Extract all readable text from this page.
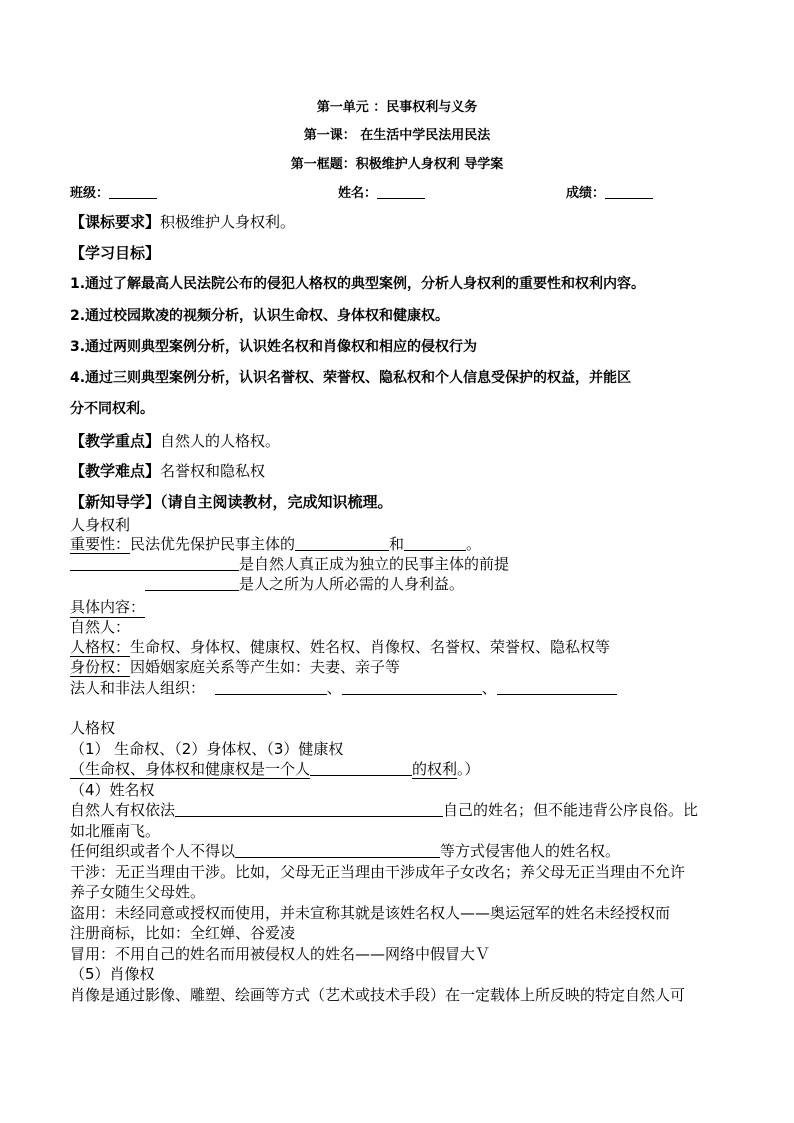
第一单元 ：民事权利与义务
第一课： 在生活中学民法用民法
第一框题：积极维护人身权利 导学案
班级：	姓名：	成绩：
【课标要求】积极维护人身权利。
【学习目标】
1.通过了解最高人民法院公布的侵犯人格权的典型案例，分析人身权利的重要性和权利内容。
2.通过校园欺凌的视频分析，认识生命权、身体权和健康权。
3.通过两则典型案例分析，认识姓名权和肖像权和相应的侵权行为
4.通过三则典型案例分析，认识名誉权、荣誉权、隐私权和个人信息受保护的权益，并能区
分不同权利。
【教学重点】自然人的人格权。
【教学难点】名誉权和隐私权
【新知导学】（请自主阅读教材，完成知识梳理。
人身权利
重要性：民法优先保护民事主体的	和	。
是自然人真正成为独立的民事主体的前提
是人之所为人所必需的人身利益。
具体内容：
自然人：
人格权：生命权、身体权、健康权、姓名权、肖像权、名誉权、荣誉权、隐私权等
身份权：因婚姻家庭关系等产生如：夫妻、亲子等
法人和非法人组织：	、	、
人格权
（1） 生命权、（2）身体权、（3）健康权
（生命权、身体权和健康权是一个人	的权利。）
（4）姓名权
自然人有权依法	自己的姓名；但不能违背公序良俗。比
如北雁南飞。
任何组织或者个人不得以	等方式侵害他人的姓名权。
干涉：无正当理由干涉。比如，父母无正当理由干涉成年子女改名；养父母无正当理由不允许
养子女随生父母姓。
盗用：未经同意或授权而使用，并未宣称其就是该姓名权人——奥运冠军的姓名未经授权而
注册商标，比如：全红婵、谷爱凌
冒用：不用自己的姓名而用被侵权人的姓名——网络中假冒大Ｖ
（5）肖像权
肖像是通过影像、雕塑、绘画等方式（艺术或技术手段）在一定载体上所反映的特定自然人可
